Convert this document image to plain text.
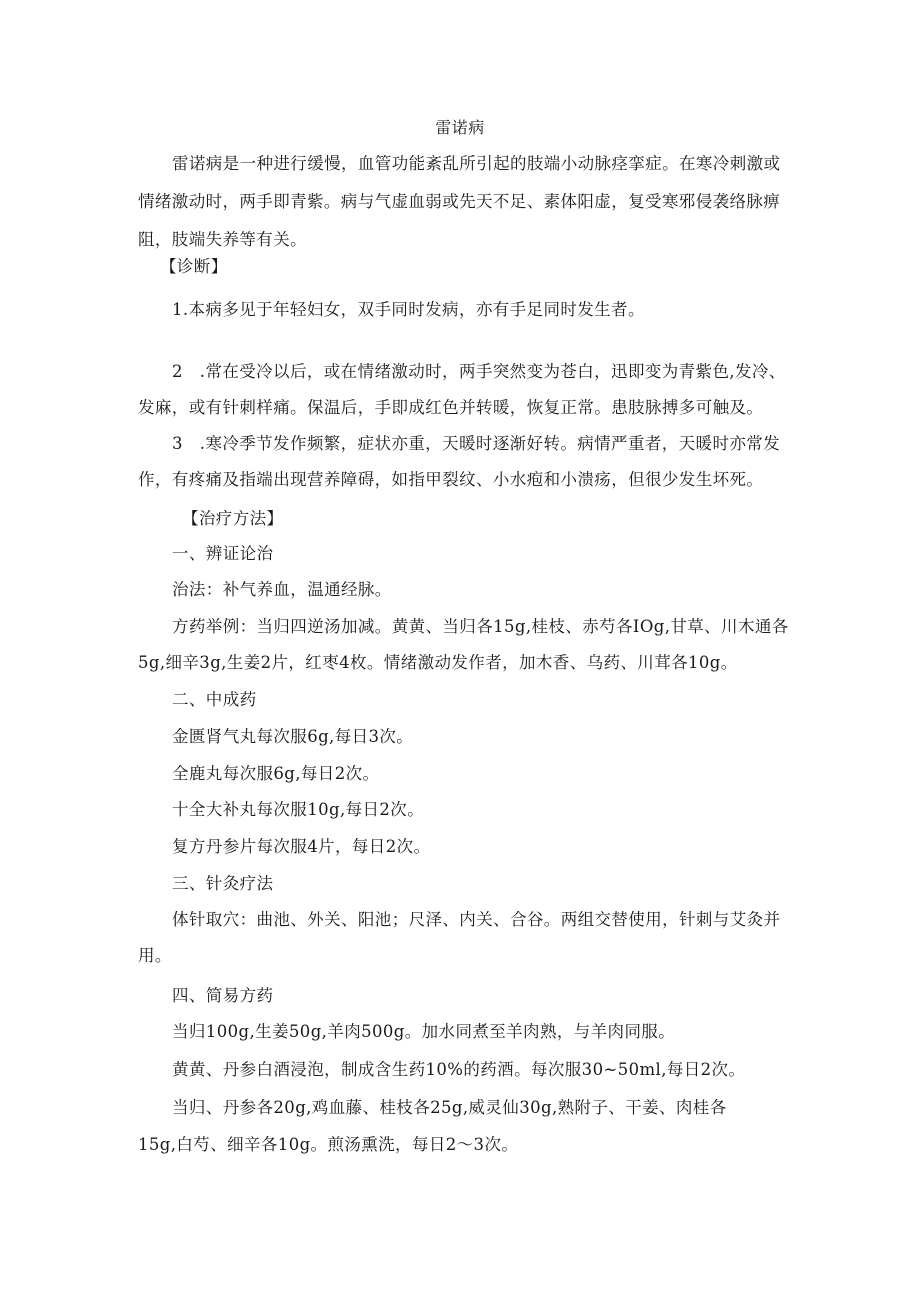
雷诺病
雷诺病是一种进行缓慢，血管功能紊乱所引起的肢端小动脉痉挛症。在寒冷刺激或
情绪激动时，两手即青紫。病与气虚血弱或先天不足、素体阳虚，复受寒邪侵袭络脉痹
阻，肢端失养等有关。
【诊断】
1.本病多见于年轻妇女，双手同时发病，亦有手足同时发生者。
2　.常在受冷以后，或在情绪激动时，两手突然变为苍白，迅即变为青紫色,发冷、
发麻，或有针刺样痛。保温后，手即成红色并转暖，恢复正常。患肢脉搏多可触及。
3　.寒冷季节发作频繁，症状亦重，天暖时逐渐好转。病情严重者，天暖时亦常发
作，有疼痛及指端出现营养障碍，如指甲裂纹、小水疱和小溃疡，但很少发生坏死。
【治疗方法】
一、辨证论治
治法：补气养血，温通经脉。
方药举例：当归四逆汤加减。黄黄、当归各15g,桂枝、赤芍各IOg,甘草、川木通各
5g,细辛3g,生姜2片，红枣4枚。情绪激动发作者，加木香、乌药、川茸各10g。
二、中成药
金匮肾气丸每次服6g,每日3次。
全鹿丸每次服6g,每日2次。
十全大补丸每次服10g,每日2次。
复方丹参片每次服4片，每日2次。
三、针灸疗法
体针取穴：曲池、外关、阳池；尺泽、内关、合谷。两组交替使用，针刺与艾灸并
用。
四、简易方药
当归100g,生姜50g,羊肉500g。加水同煮至羊肉熟，与羊肉同服。
黄黄、丹参白酒浸泡，制成含生药10%的药酒。每次服30~50ml,每日2次。
当归、丹参各20g,鸡血藤、桂枝各25g,威灵仙30g,熟附子、干姜、肉桂各
15g,白芍、细辛各10g。煎汤熏洗，每日2～3次。
